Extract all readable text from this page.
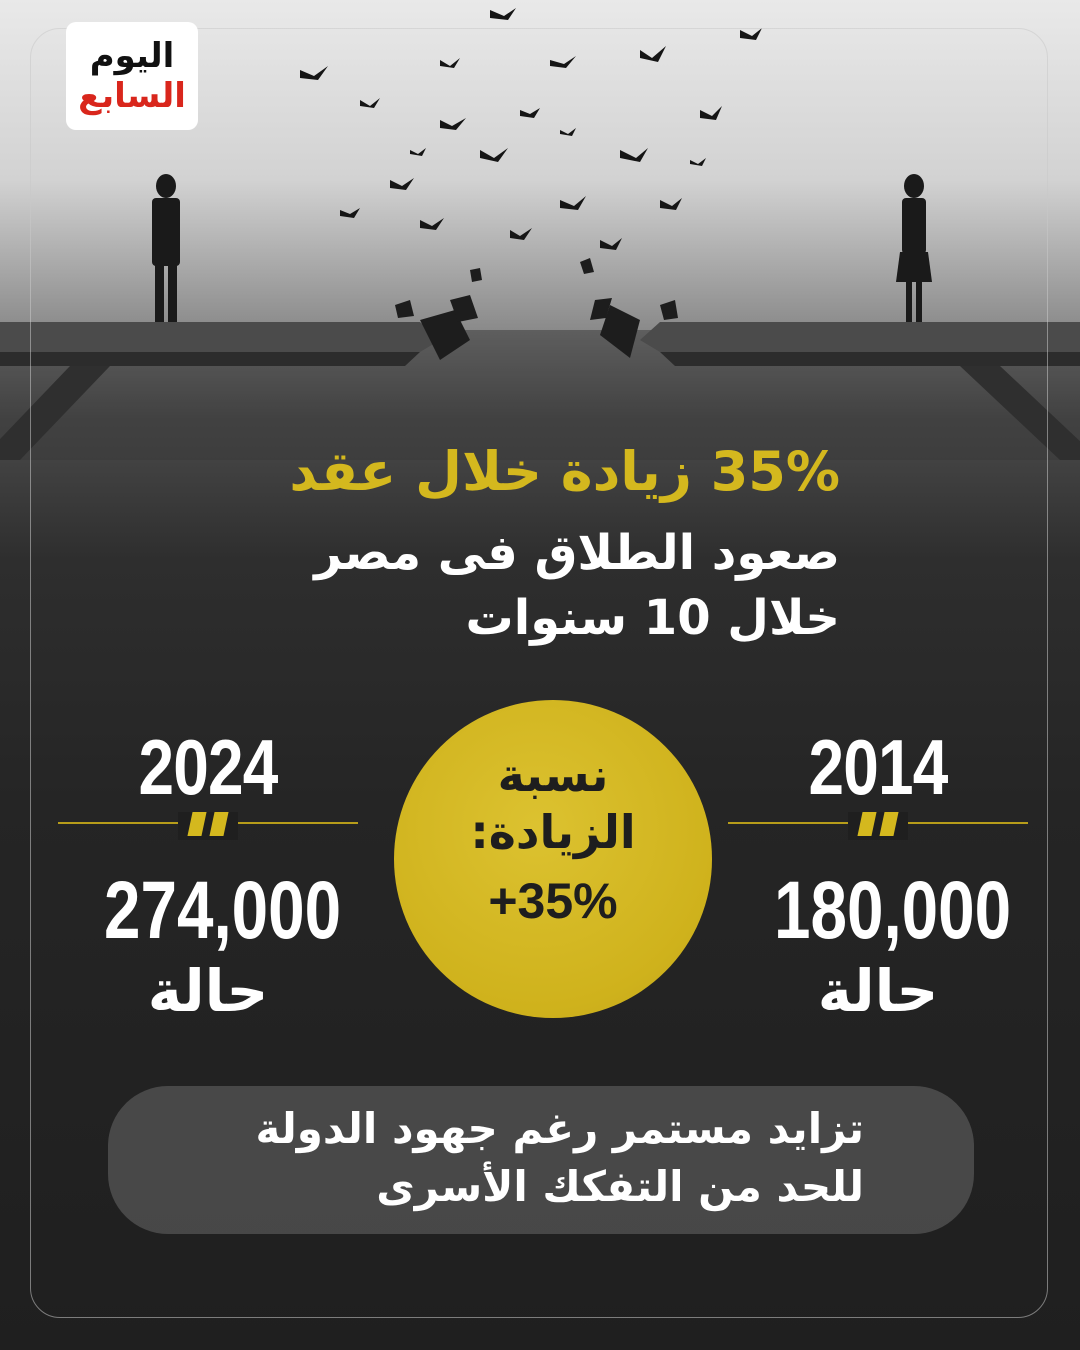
اليوم
السابع
35% زيادة خلال عقد
صعود الطلاق فى مصر
خلال 10 سنوات
2024
274,000
حالة
2014
180,000
حالة
نسبة
الزيادة:
+35%
تزايد مستمر رغم جهود الدولة
للحد من التفكك الأسرى
